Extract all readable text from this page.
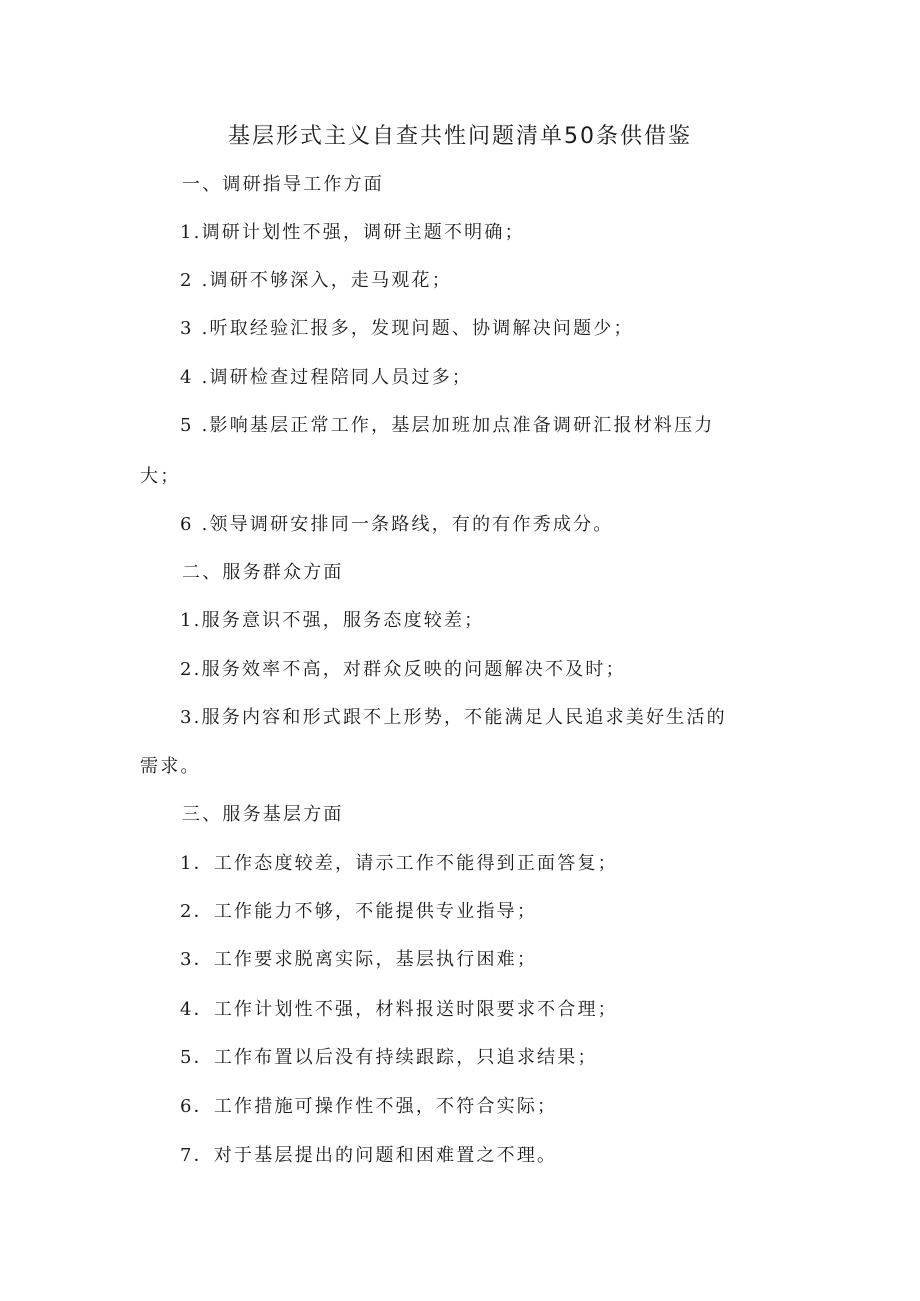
基层形式主义自查共性问题清单50条供借鉴
一、调研指导工作方面
1.调研计划性不强，调研主题不明确；
2 .调研不够深入，走马观花；
3 .听取经验汇报多，发现问题、协调解决问题少；
4 .调研检查过程陪同人员过多；
5 .影响基层正常工作，基层加班加点准备调研汇报材料压力
大；
6 .领导调研安排同一条路线，有的有作秀成分。
二、服务群众方面
1.服务意识不强，服务态度较差；
2.服务效率不高，对群众反映的问题解决不及时；
3.服务内容和形式跟不上形势，不能满足人民追求美好生活的
需求。
三、服务基层方面
1．工作态度较差，请示工作不能得到正面答复；
2．工作能力不够，不能提供专业指导；
3．工作要求脱离实际，基层执行困难；
4．工作计划性不强，材料报送时限要求不合理；
5．工作布置以后没有持续跟踪，只追求结果；
6．工作措施可操作性不强，不符合实际；
7．对于基层提出的问题和困难置之不理。
